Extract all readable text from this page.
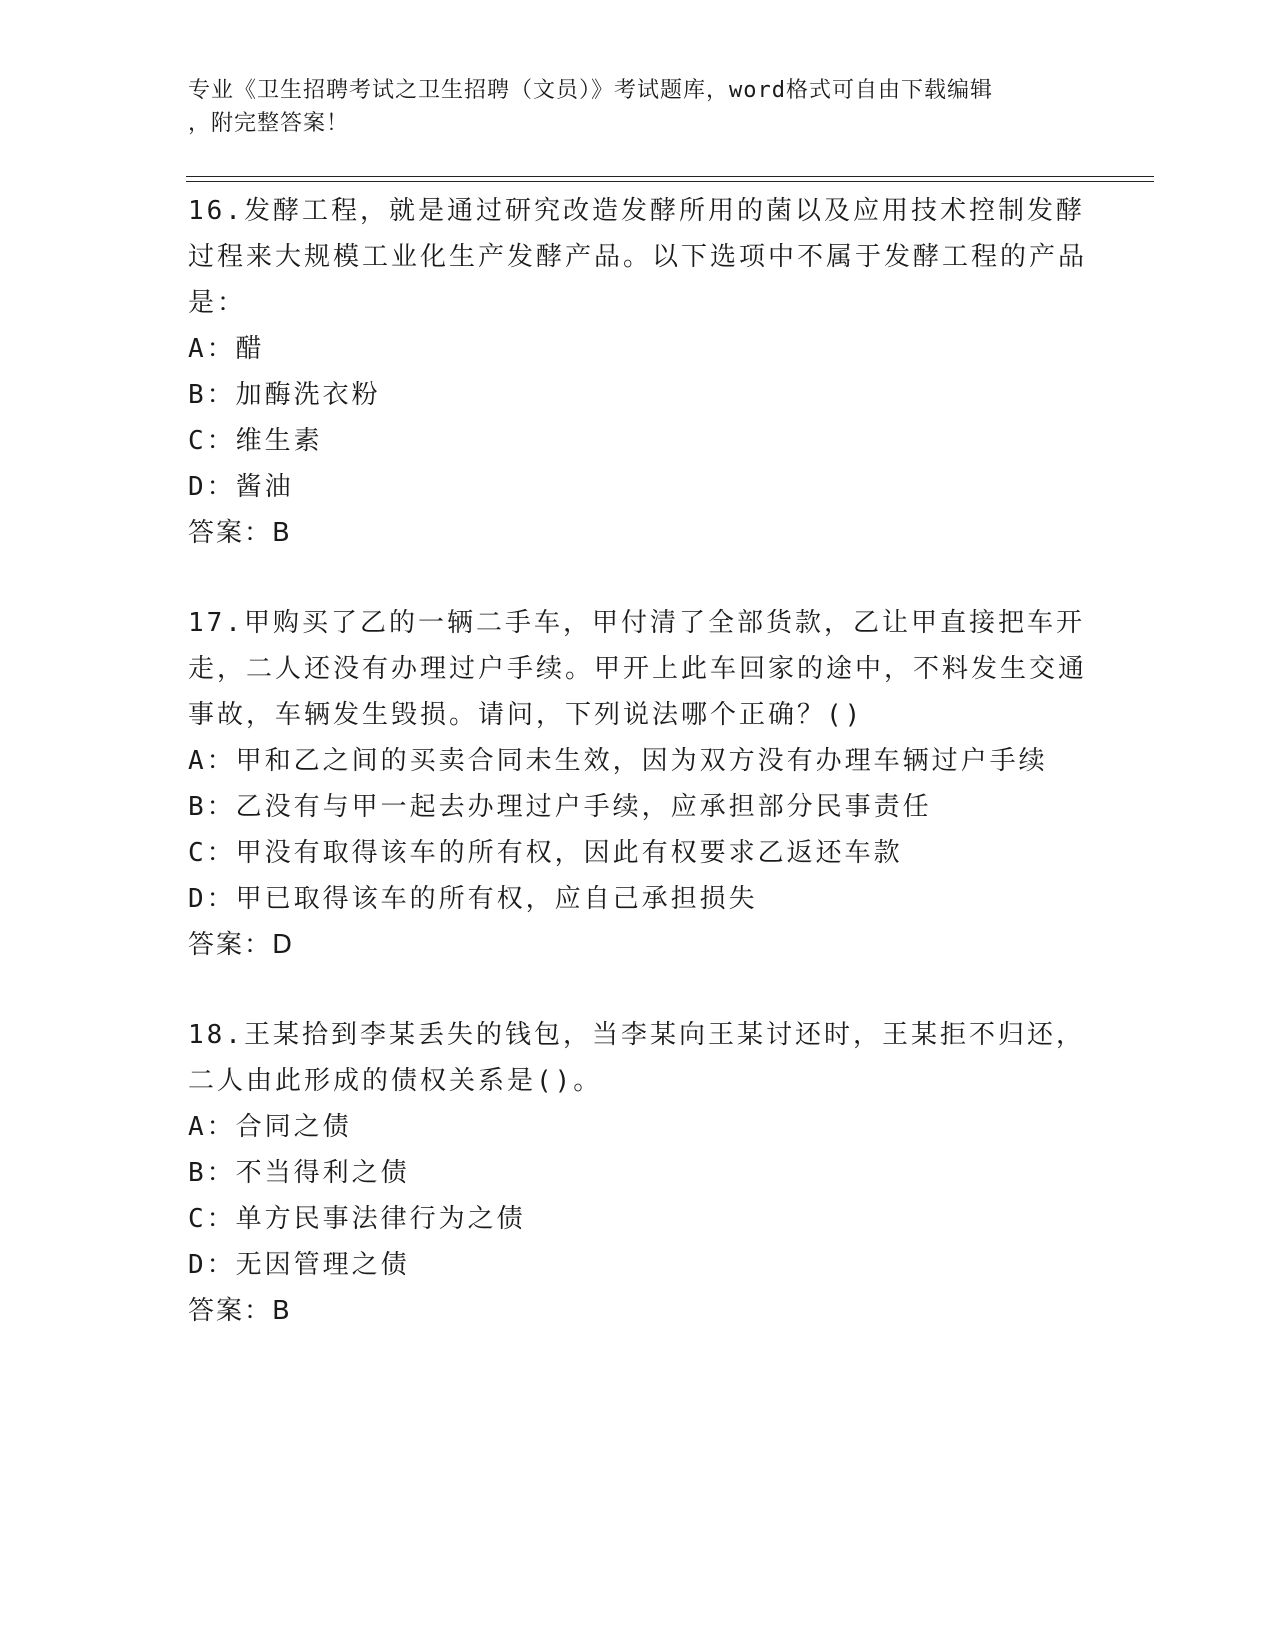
专业《卫生招聘考试之卫生招聘（文员）》考试题库，word格式可自由下载编辑
，附完整答案！

16.发酵工程，就是通过研究改造发酵所用的菌以及应用技术控制发酵过程来大规模工业化生产发酵产品。以下选项中不属于发酵工程的产品是：

A：醋

B：加酶洗衣粉

C：维生素

D：酱油

答案：B

17.甲购买了乙的一辆二手车，甲付清了全部货款，乙让甲直接把车开走，二人还没有办理过户手续。甲开上此车回家的途中，不料发生交通事故，车辆发生毁损。请问，下列说法哪个正确？()

A：甲和乙之间的买卖合同未生效，因为双方没有办理车辆过户手续

B：乙没有与甲一起去办理过户手续，应承担部分民事责任

C：甲没有取得该车的所有权，因此有权要求乙返还车款

D：甲已取得该车的所有权，应自己承担损失

答案：D

18.王某拾到李某丢失的钱包，当李某向王某讨还时，王某拒不归还，二人由此形成的债权关系是()。

A：合同之债

B：不当得利之债

C：单方民事法律行为之债

D：无因管理之债

答案：B
